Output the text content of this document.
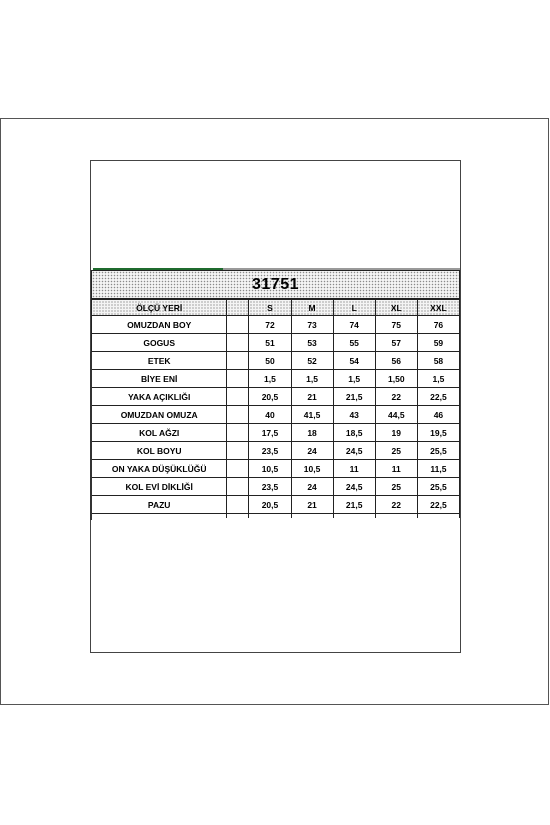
31751
ÖLÇÜ YERİ		S	M	L	XL	XXL
OMUZDAN BOY		72	73	74	75	76
GOGUS		51	53	55	57	59
ETEK		50	52	54	56	58
BİYE ENİ		1,5	1,5	1,5	1,50	1,5
YAKA AÇIKLIĞI		20,5	21	21,5	22	22,5
OMUZDAN OMUZA		40	41,5	43	44,5	46
KOL AĞZI		17,5	18	18,5	19	19,5
KOL BOYU		23,5	24	24,5	25	25,5
ON YAKA DÜŞÜKLÜĞÜ		10,5	10,5	11	11	11,5
KOL EVİ DİKLİĞİ		23,5	24	24,5	25	25,5
PAZU		20,5	21	21,5	22	22,5
